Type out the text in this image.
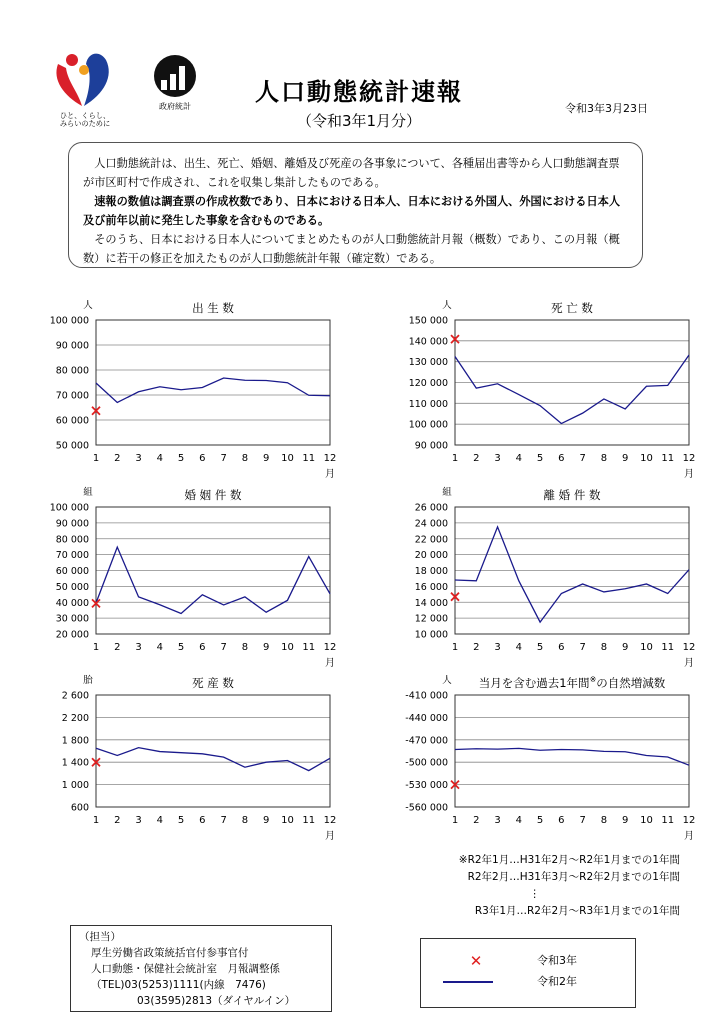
ひと、くらし、
みらいのために
政府統計
人口動態統計速報
（令和3年1月分）
令和3年3月23日

人口動態統計は、出生、死亡、婚姻、離婚及び死産の各事象について、各種届出書等から人口動態調査票が市区町村で作成され、これを収集し集計したものである。

速報の数値は調査票の作成枚数であり、日本における日本人、日本における外国人、外国における日本人及び前年以前に発生した事象を含むものである。

そのうち、日本における日本人についてまとめたものが人口動態統計月報（概数）であり、この月報（概数）に若干の修正を加えたものが人口動態統計年報（確定数）である。

出 生 数
人
50 000
60 000
70 000
80 000
90 000
100 000
1 2 3 4 5 6 7 8 9 10 11 12
月
死 亡 数
人
90 000
100 000
110 000
120 000
130 000
140 000
150 000
1 2 3 4 5 6 7 8 9 10 11 12
月
婚 姻 件 数
組
20 000
30 000
40 000
50 000
60 000
70 000
80 000
90 000
100 000
1 2 3 4 5 6 7 8 9 10 11 12
月
離 婚 件 数
組
10 000
12 000
14 000
16 000
18 000
20 000
22 000
24 000
26 000
1 2 3 4 5 6 7 8 9 10 11 12
月
死 産 数
胎
600
1 000
1 400
1 800
2 200
2 600
1 2 3 4 5 6 7 8 9 10 11 12
月
当月を含む過去1年間※の自然増減数
人
-560 000
-530 000
-500 000
-470 000
-440 000
-410 000
1 2 3 4 5 6 7 8 9 10 11 12
月
※R2年1月…H31年2月～R2年1月までの1年間
R2年2月…H31年3月～R2年2月までの1年間
⋮
R3年1月…R2年2月～R3年1月までの1年間
（担当）
厚生労働省政策統括官付参事官付
人口動態・保健社会統計室　月報調整係
（TEL)03(5253)1111(内線　7476)
03(3595)2813（ダイヤルイン）
✕	令和3年
令和2年
